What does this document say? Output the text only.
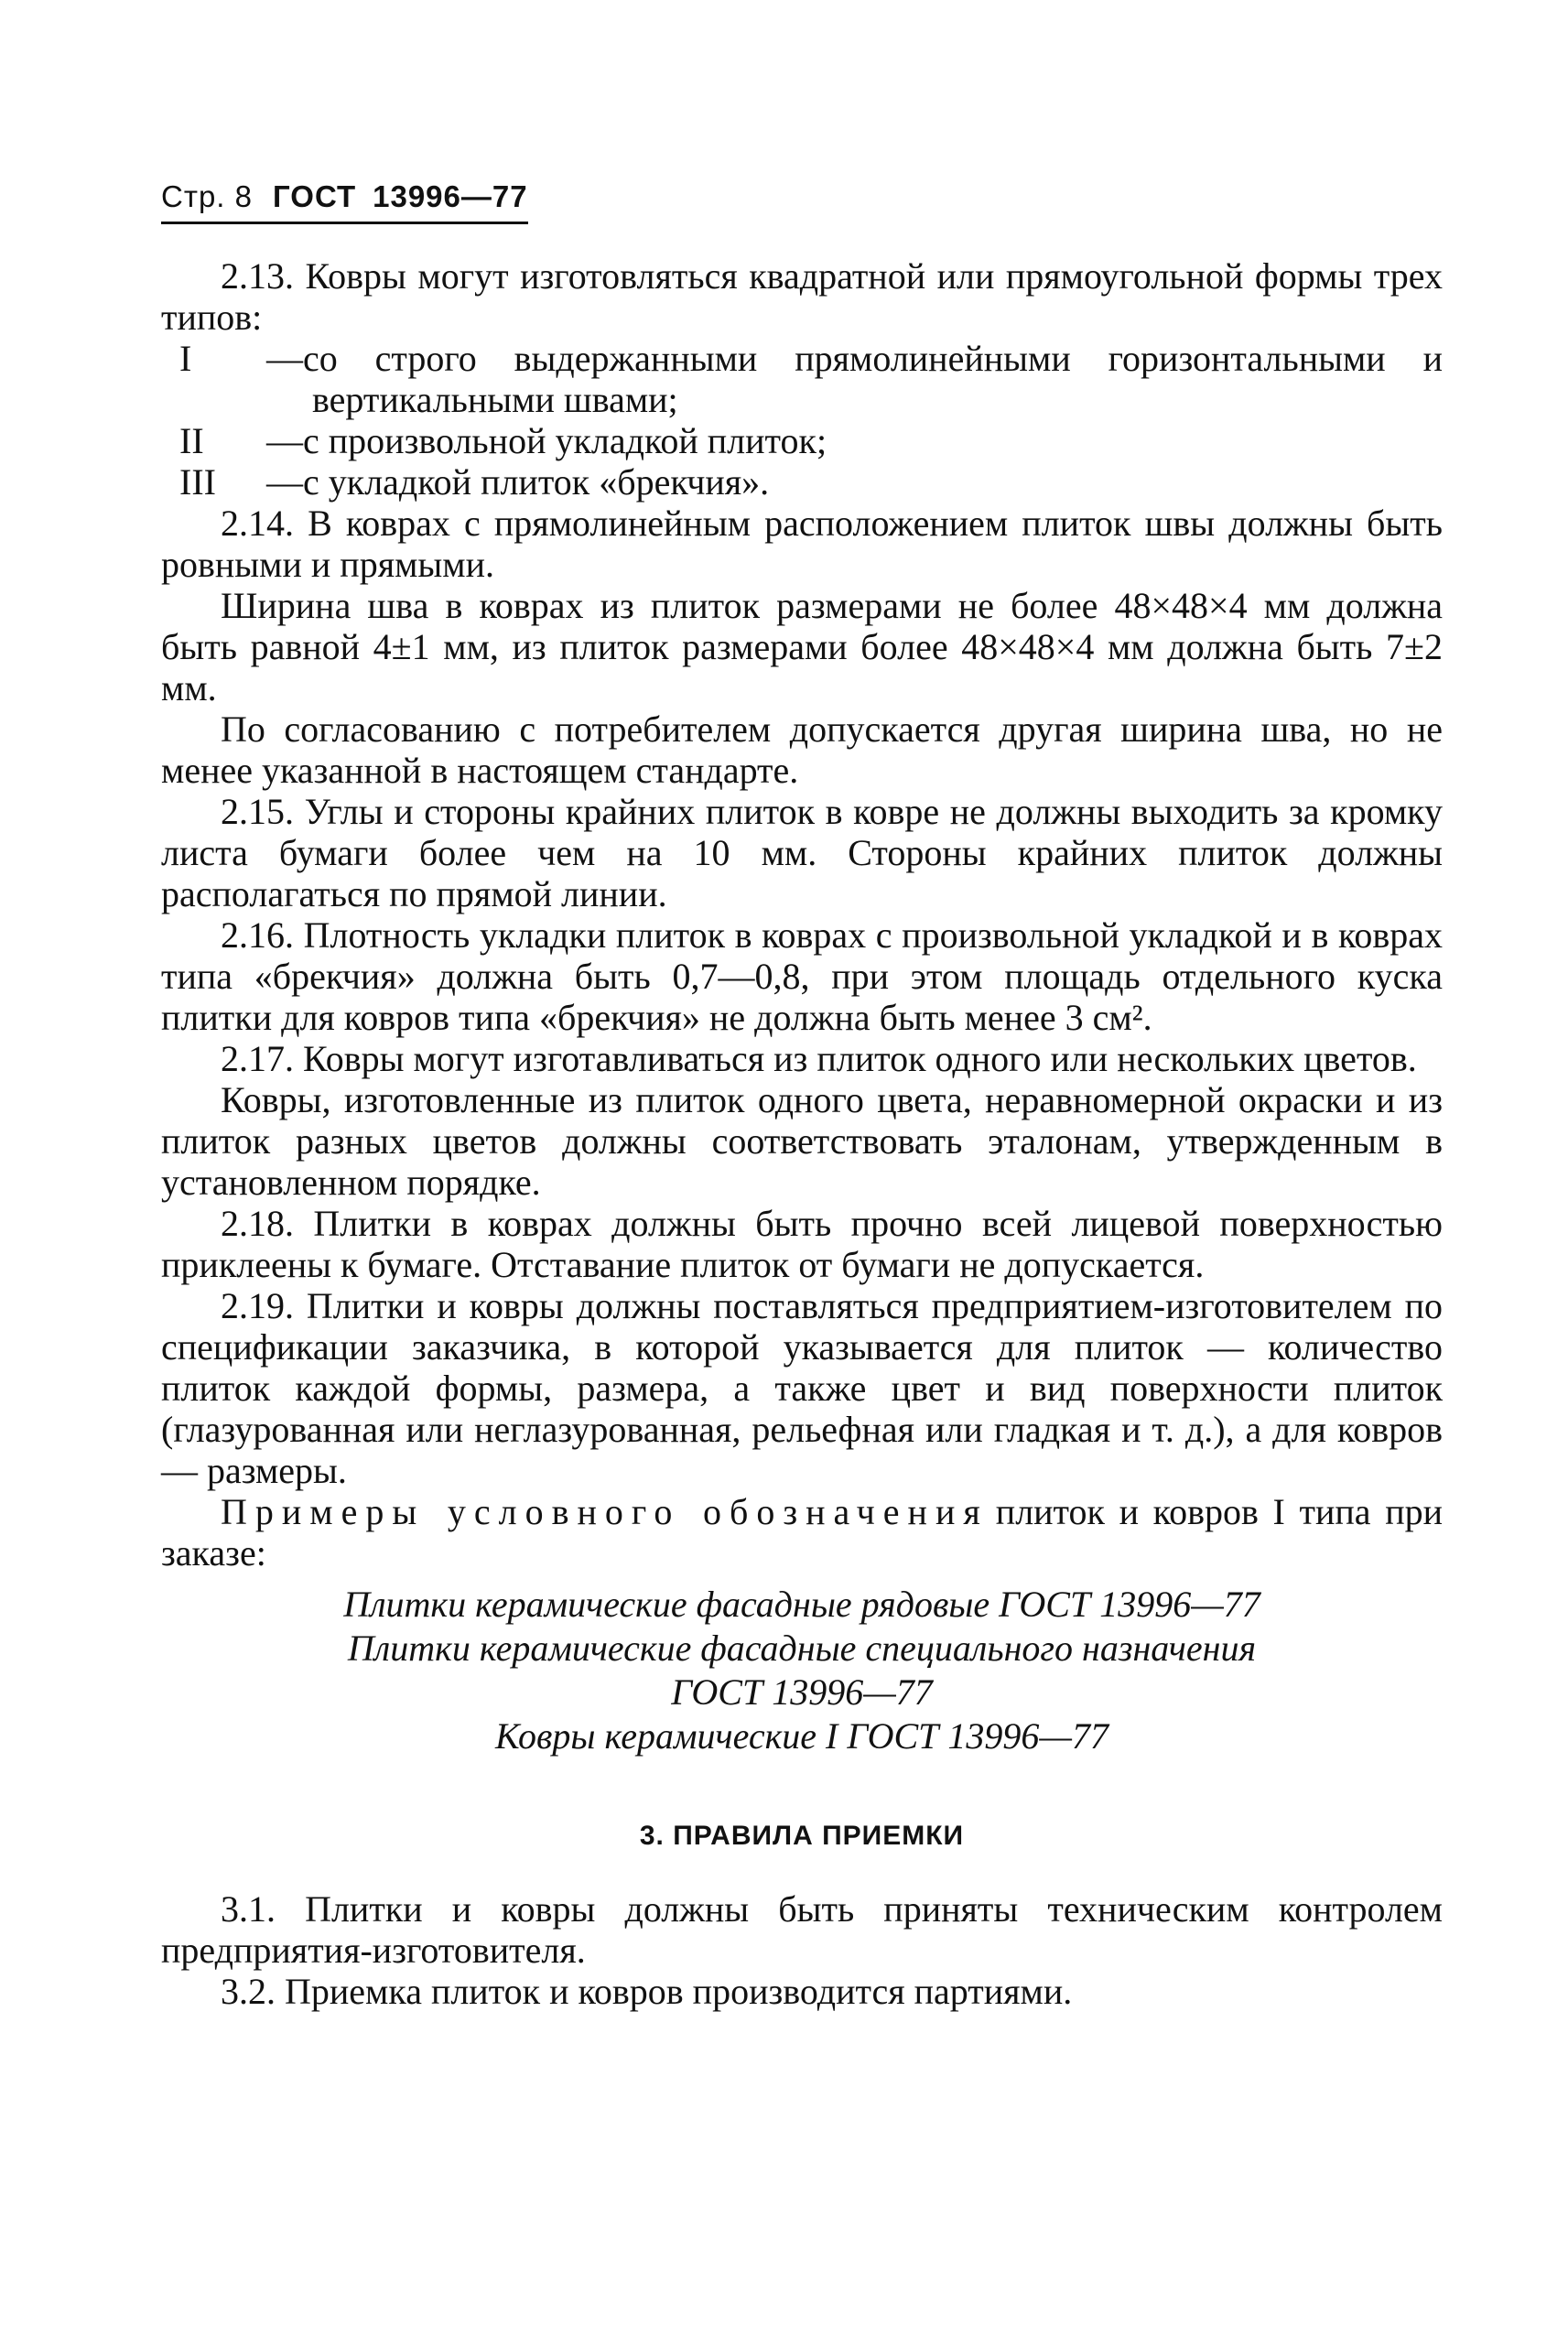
Стр. 8 ГОСТ 13996—77

2.13. Ковры могут изготовляться квадратной или прямоугольной формы трех типов:

I	—со строго выдержанными прямолинейными горизонтальными и вертикальными швами;
II	—с произвольной укладкой плиток;
III	—с укладкой плиток «брекчия».

2.14. В коврах с прямолинейным расположением плиток швы должны быть ровными и прямыми.

Ширина шва в коврах из плиток размерами не более 48×48×4 мм должна быть равной 4±1 мм, из плиток размерами более 48×48×4 мм должна быть 7±2 мм.

По согласованию с потребителем допускается другая ширина шва, но не менее указанной в настоящем стандарте.

2.15. Углы и стороны крайних плиток в ковре не должны выходить за кромку листа бумаги более чем на 10 мм. Стороны крайних плиток должны располагаться по прямой линии.

2.16. Плотность укладки плиток в коврах с произвольной укладкой и в коврах типа «брекчия» должна быть 0,7—0,8, при этом площадь отдельного куска плитки для ковров типа «брекчия» не должна быть менее 3 см².

2.17. Ковры могут изготавливаться из плиток одного или нескольких цветов.

Ковры, изготовленные из плиток одного цвета, неравномерной окраски и из плиток разных цветов должны соответствовать эталонам, утвержденным в установленном порядке.

2.18. Плитки в коврах должны быть прочно всей лицевой поверхностью приклеены к бумаге. Отставание плиток от бумаги не допускается.

2.19. Плитки и ковры должны поставляться предприятием-изготовителем по спецификации заказчика, в которой указывается для плиток — количество плиток каждой формы, размера, а также цвет и вид поверхности плиток (глазурованная или неглазурованная, рельефная или гладкая и т. д.), а для ковров — размеры.

Примеры условного обозначения плиток и ковров I типа при заказе:

Плитки керамические фасадные рядовые ГОСТ 13996—77

Плитки керамические фасадные специального назначения

ГОСТ 13996—77

Ковры керамические I ГОСТ 13996—77

3. ПРАВИЛА ПРИЕМКИ

3.1. Плитки и ковры должны быть приняты техническим контролем предприятия-изготовителя.

3.2. Приемка плиток и ковров производится партиями.
